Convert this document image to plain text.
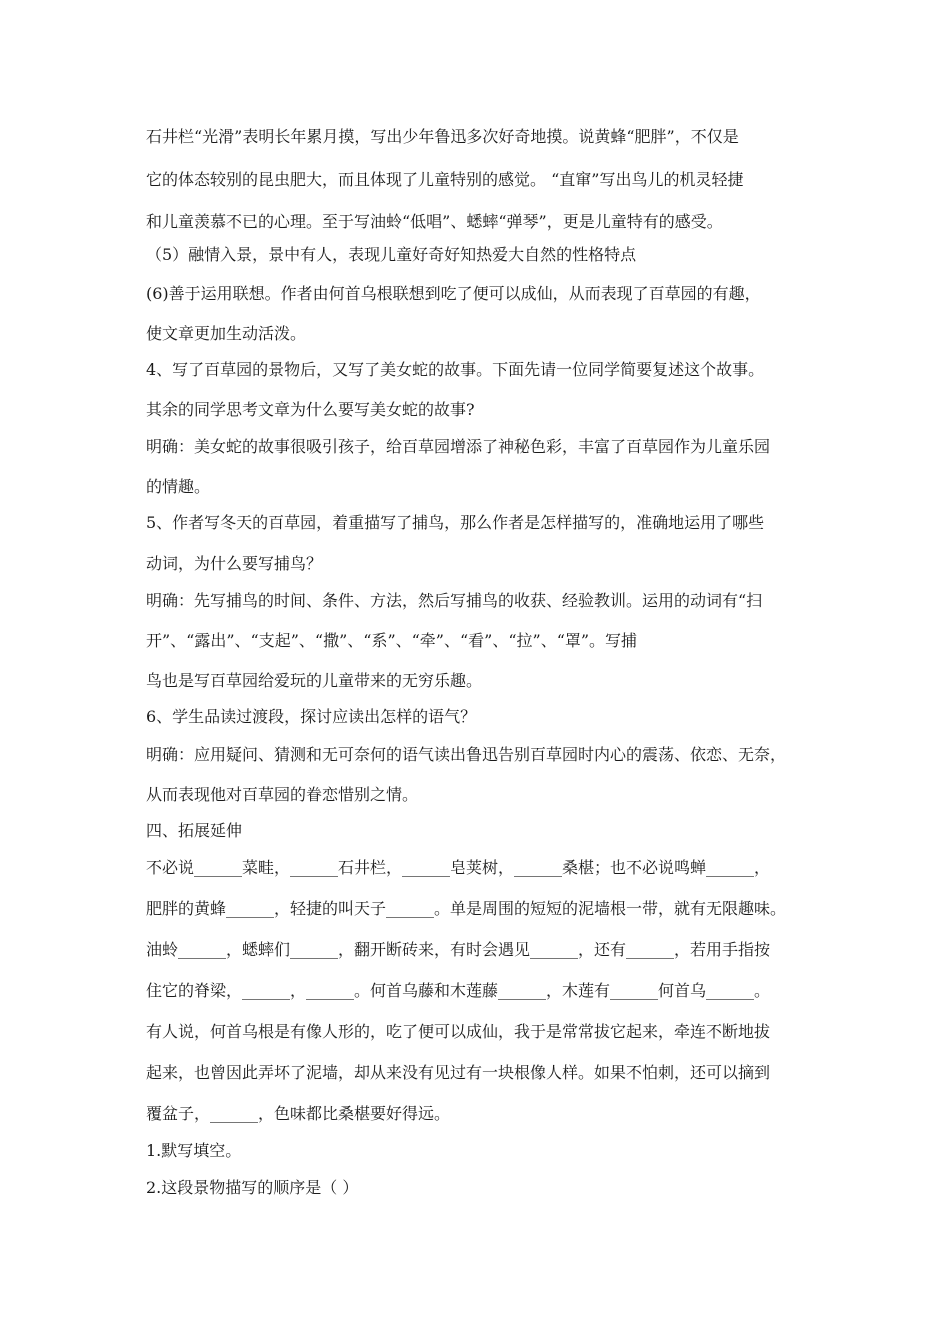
石井栏“光滑”表明长年累月摸，写出少年鲁迅多次好奇地摸。说黄蜂“肥胖”，不仅是
它的体态较别的昆虫肥大，而且体现了儿童特别的感觉。 “直窜”写出鸟儿的机灵轻捷
和儿童羡慕不已的心理。至于写油蛉“低唱”、蟋蟀“弹琴”，更是儿童特有的感受。
（5）融情入景，景中有人，表现儿童好奇好知热爱大自然的性格特点
(6)善于运用联想。作者由何首乌根联想到吃了便可以成仙，从而表现了百草园的有趣，
使文章更加生动活泼。
4、写了百草园的景物后，又写了美女蛇的故事。下面先请一位同学简要复述这个故事。
其余的同学思考文章为什么要写美女蛇的故事?
明确：美女蛇的故事很吸引孩子，给百草园增添了神秘色彩，丰富了百草园作为儿童乐园
的情趣。
5、作者写冬天的百草园，着重描写了捕鸟，那么作者是怎样描写的，准确地运用了哪些
动词，为什么要写捕鸟？
明确：先写捕鸟的时间、条件、方法，然后写捕鸟的收获、经验教训。运用的动词有“扫
开”、“露出”、“支起”、“撒”、“系”、“牵”、“看”、“拉”、“罩”。写捕
鸟也是写百草园给爱玩的儿童带来的无穷乐趣。
6、学生品读过渡段，探讨应读出怎样的语气？
明确：应用疑问、猜测和无可奈何的语气读出鲁迅告别百草园时内心的震荡、依恋、无奈，
从而表现他对百草园的眷恋惜别之情。
四、拓展延伸
不必说______菜畦，______石井栏，______皂荚树，______桑椹；也不必说鸣蝉______，
肥胖的黄蜂______，轻捷的叫天子______。单是周围的短短的泥墙根一带，就有无限趣味。
油蛉______，蟋蟀们______，翻开断砖来，有时会遇见______，还有______，若用手指按
住它的脊梁，______，______。何首乌藤和木莲藤______，木莲有______何首乌______。
有人说，何首乌根是有像人形的，吃了便可以成仙，我于是常常拔它起来，牵连不断地拔
起来，也曾因此弄坏了泥墙，却从来没有见过有一块根像人样。如果不怕刺，还可以摘到
覆盆子，______，色味都比桑椹要好得远。
1.默写填空。
2.这段景物描写的顺序是（ ）
